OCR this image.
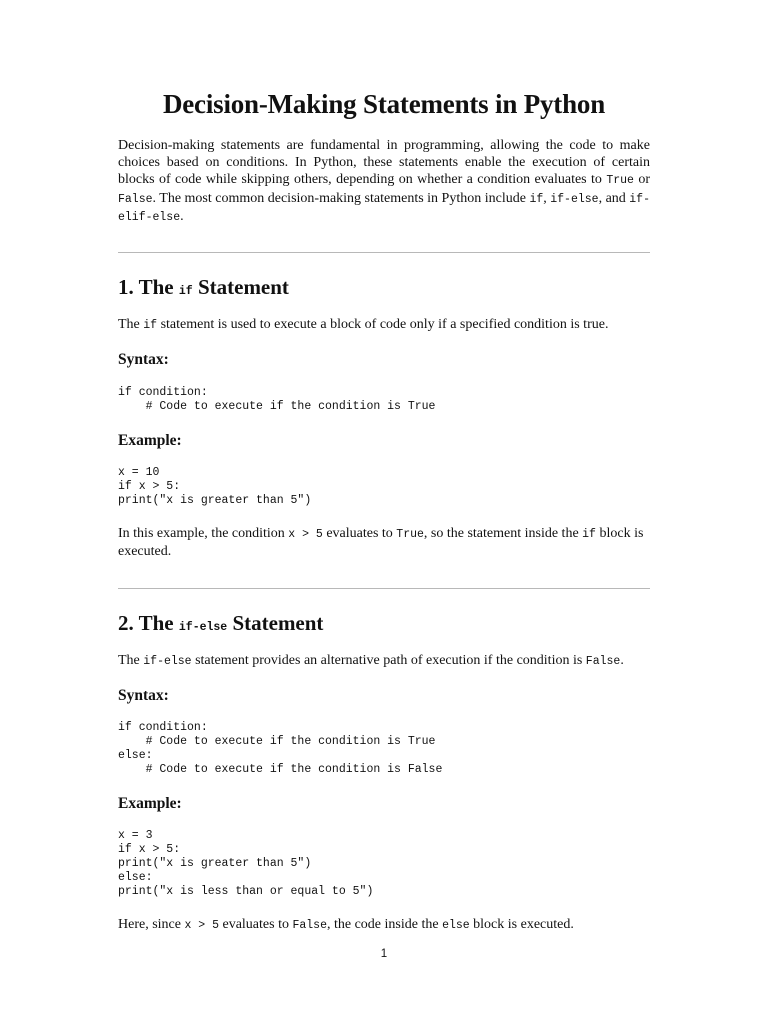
Decision-Making Statements in Python

Decision-making statements are fundamental in programming, allowing the code to make choices based on conditions. In Python, these statements enable the execution of certain blocks of code while skipping others, depending on whether a condition evaluates to True or False. The most common decision-making statements in Python include if, if-else, and if-elif-else.

1. The if Statement

The if statement is used to execute a block of code only if a specified condition is true.

Syntax:
if condition:
# Code to execute if the condition is True
Example:
x = 10
if x > 5:
print("x is greater than 5")

In this example, the condition x > 5 evaluates to True, so the statement inside the if block is executed.

2. The if-else Statement

The if-else statement provides an alternative path of execution if the condition is False.

Syntax:
if condition:
# Code to execute if the condition is True
else:
# Code to execute if the condition is False
Example:
x = 3
if x > 5:
print("x is greater than 5")
else:
print("x is less than or equal to 5")

Here, since x > 5 evaluates to False, the code inside the else block is executed.

1
